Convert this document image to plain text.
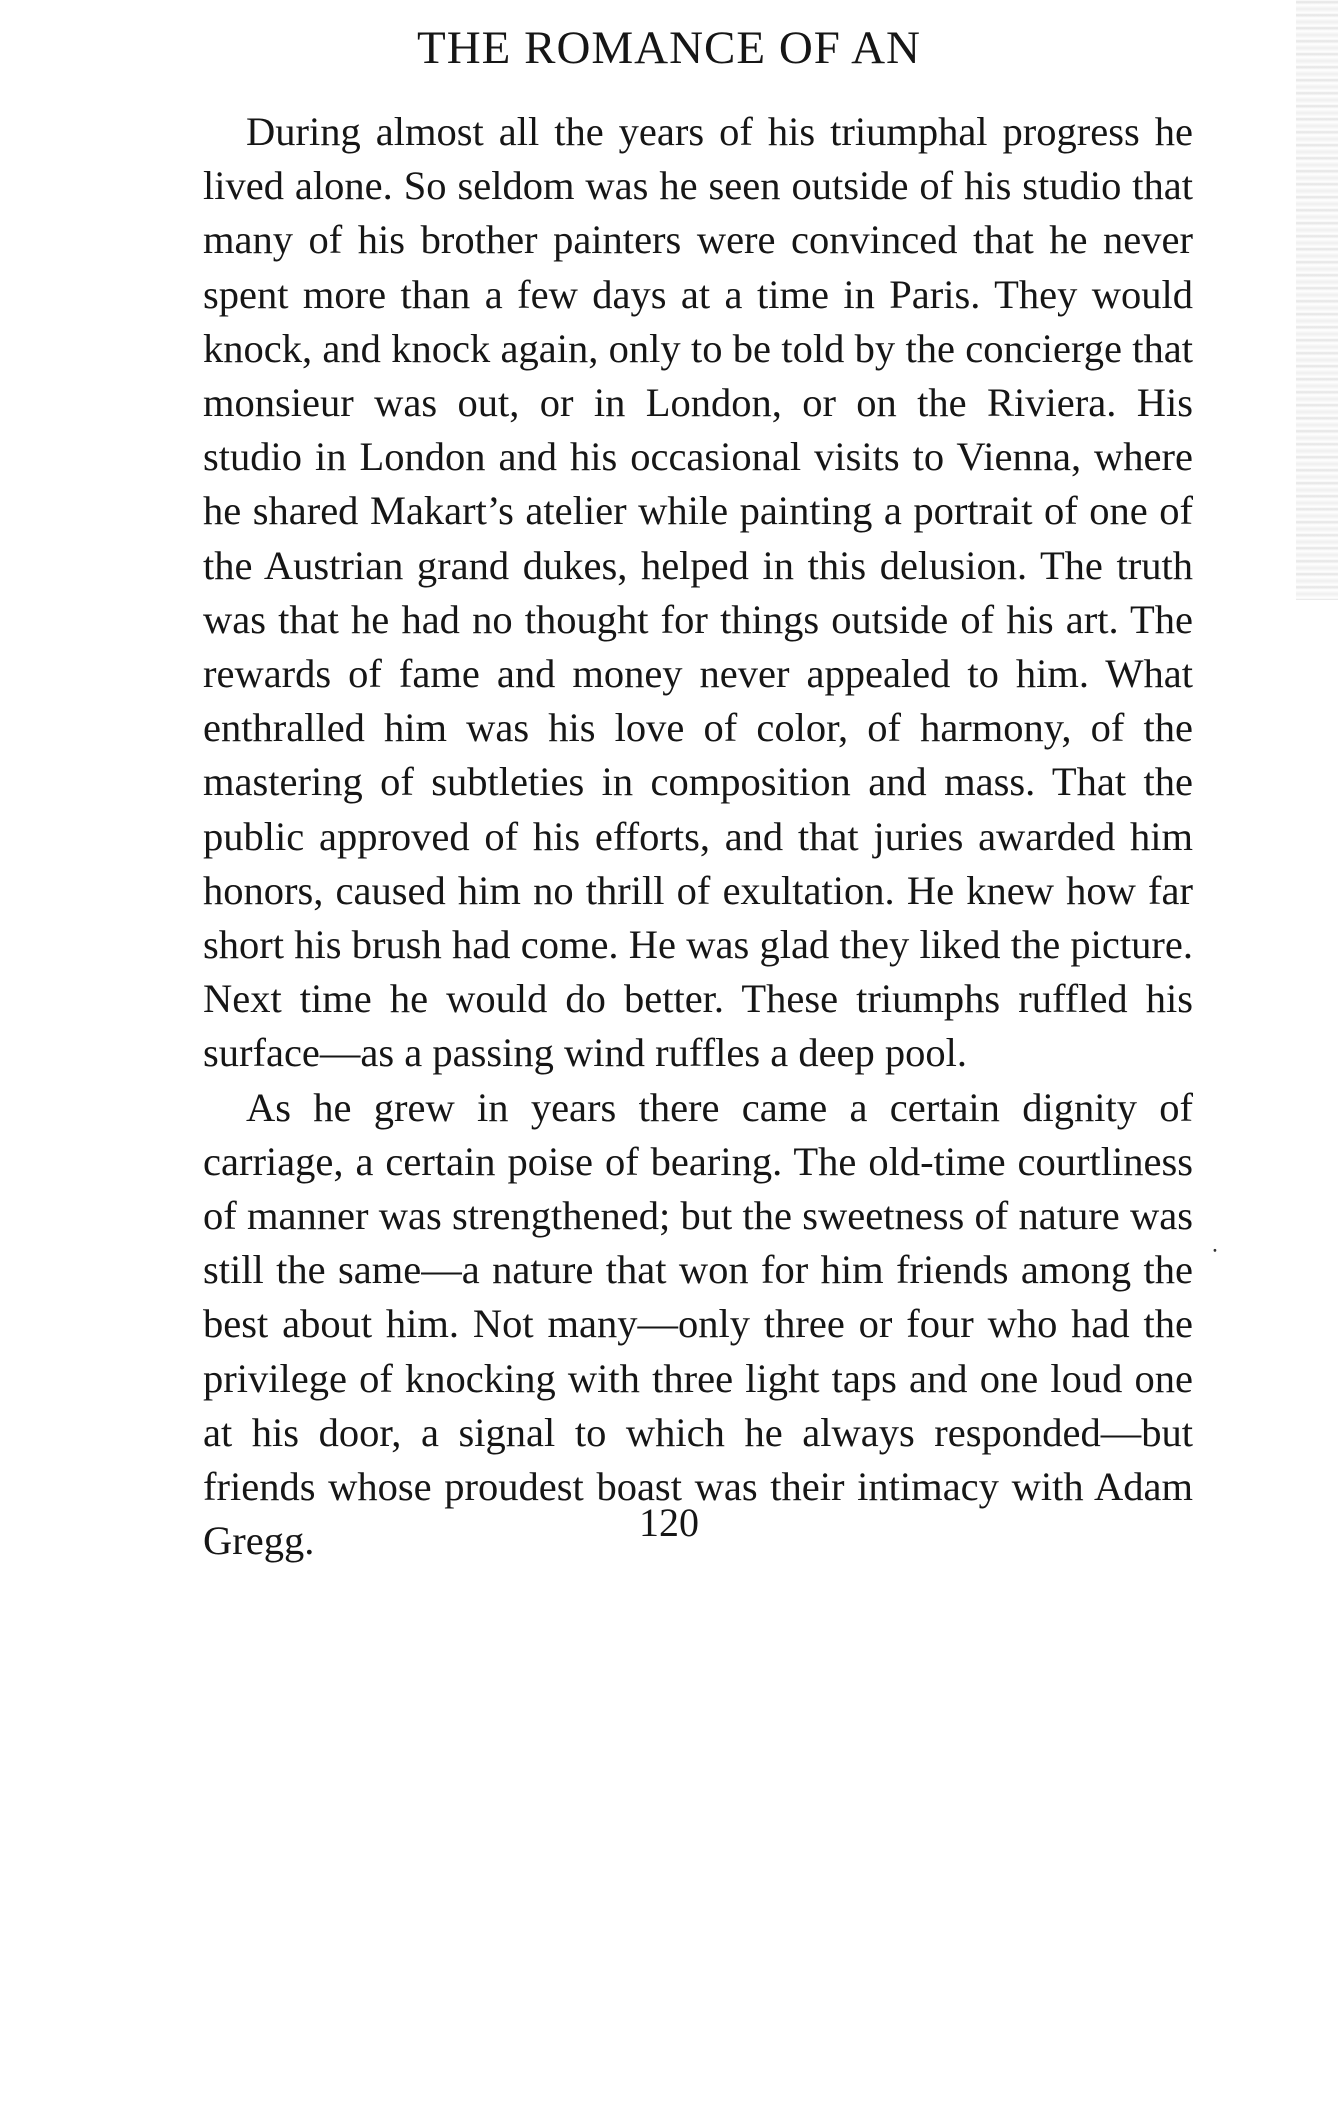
THE ROMANCE OF AN

During almost all the years of his triumphal progress he lived alone. So seldom was he seen outside of his studio that many of his brother painters were convinced that he never spent more than a few days at a time in Paris. They would knock, and knock again, only to be told by the concierge that monsieur was out, or in London, or on the Riviera. His studio in London and his occasional visits to Vienna, where he shared Makart’s atelier while painting a portrait of one of the Austrian grand dukes, helped in this delusion. The truth was that he had no thought for things outside of his art. The rewards of fame and money never appealed to him. What enthralled him was his love of color, of harmony, of the mastering of subtleties in composition and mass. That the public approved of his efforts, and that juries awarded him honors, caused him no thrill of exultation. He knew how far short his brush had come. He was glad they liked the picture. Next time he would do better. These triumphs ruffled his surface—as a passing wind ruffles a deep pool.

As he grew in years there came a certain dignity of carriage, a certain poise of bearing. The old-time courtliness of manner was strengthened; but the sweetness of nature was still the same—a nature that won for him friends among the best about him. Not many—only three or four who had the privilege of knocking with three light taps and one loud one at his door, a signal to which he always responded—but friends whose proudest boast was their intimacy with Adam Gregg.

⸱
120
